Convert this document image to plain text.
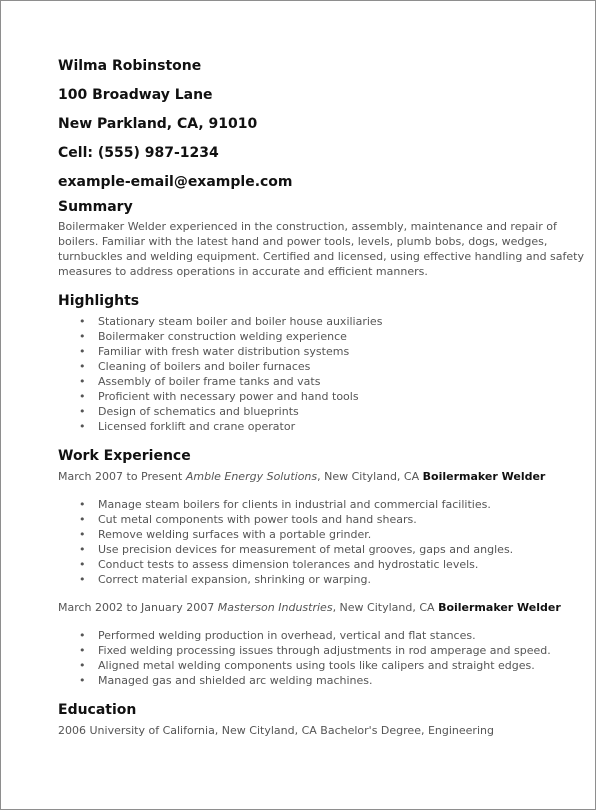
Wilma Robinstone
100 Broadway Lane
New Parkland, CA, 91010
Cell: (555) 987-1234
example-email@example.com
Summary

Boilermaker Welder experienced in the construction, assembly, maintenance and repair of boilers. Familiar with the latest hand and power tools, levels, plumb bobs, dogs, wedges, turnbuckles and welding equipment. Certified and licensed, using effective handling and safety measures to address operations in accurate and efficient manners.

Highlights
• Stationary steam boiler and boiler house auxiliaries
• Boilermaker construction welding experience
• Familiar with fresh water distribution systems
• Cleaning of boilers and boiler furnaces
• Assembly of boiler frame tanks and vats
• Proficient with necessary power and hand tools
• Design of schematics and blueprints
• Licensed forklift and crane operator
Work Experience
March 2007 to Present Amble Energy Solutions, New Cityland, CA Boilermaker Welder
• Manage steam boilers for clients in industrial and commercial facilities.
• Cut metal components with power tools and hand shears.
• Remove welding surfaces with a portable grinder.
• Use precision devices for measurement of metal grooves, gaps and angles.
• Conduct tests to assess dimension tolerances and hydrostatic levels.
• Correct material expansion, shrinking or warping.
March 2002 to January 2007 Masterson Industries, New Cityland, CA Boilermaker Welder
• Performed welding production in overhead, vertical and flat stances.
• Fixed welding processing issues through adjustments in rod amperage and speed.
• Aligned metal welding components using tools like calipers and straight edges.
• Managed gas and shielded arc welding machines.
Education

2006 University of California, New Cityland, CA Bachelor's Degree, Engineering
